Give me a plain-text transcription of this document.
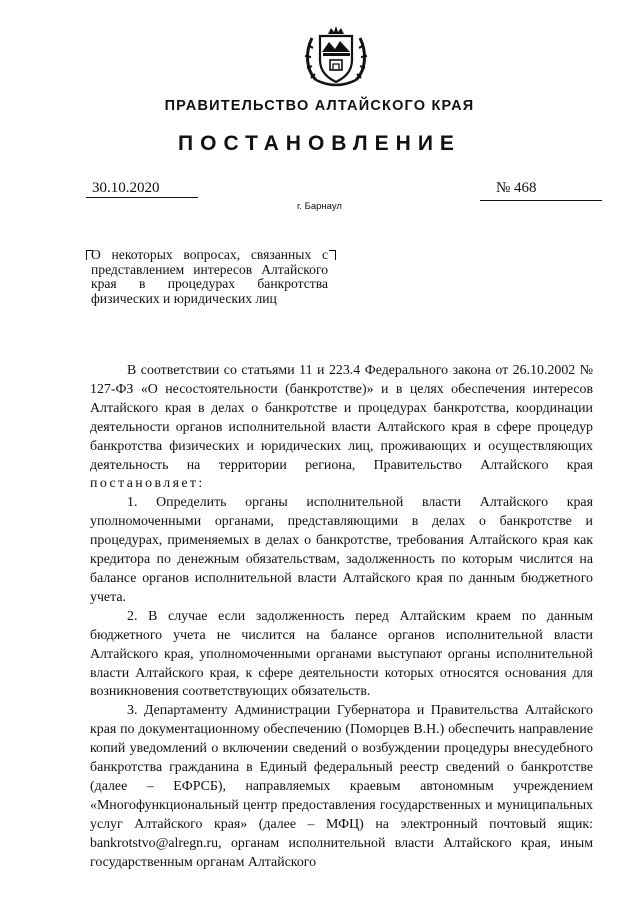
ПРАВИТЕЛЬСТВО АЛТАЙСКОГО КРАЯ
ПОСТАНОВЛЕНИЕ
30.10.2020
г. Барнаул
№ 468
О некоторых вопросах, связанных с представлением интересов Алтайского края в процедурах банкротства физических и юридических лиц

В соответствии со статьями 11 и 223.4 Федерального закона от 26.10.2002 № 127-ФЗ «О несостоятельности (банкротстве)» и в целях обеспечения интересов Алтайского края в делах о банкротстве и процедурах банкротства, координации деятельности органов исполнительной власти Алтайского края в сфере процедур банкротства физических и юридических лиц, проживающих и осуществляющих деятельность на территории региона, Правительство Алтайского края постановляет:

1. Определить органы исполнительной власти Алтайского края уполномоченными органами, представляющими в делах о банкротстве и процедурах, применяемых в делах о банкротстве, требования Алтайского края как кредитора по денежным обязательствам, задолженность по которым числится на балансе органов исполнительной власти Алтайского края по данным бюджетного учета.

2. В случае если задолженность перед Алтайским краем по данным бюджетного учета не числится на балансе органов исполнительной власти Алтайского края, уполномоченными органами выступают органы исполнительной власти Алтайского края, к сфере деятельности которых относятся основания для возникновения соответствующих обязательств.

3. Департаменту Администрации Губернатора и Правительства Алтайского края по документационному обеспечению (Поморцев В.Н.) обеспечить направление копий уведомлений о включении сведений о возбуждении процедуры внесудебного банкротства гражданина в Единый федеральный реестр сведений о банкротстве (далее – ЕФРСБ), направляемых краевым автономным учреждением «Многофункциональный центр предоставления государственных и муниципальных услуг Алтайского края» (далее – МФЦ) на электронный почтовый ящик: bankrotstvo@alregn.ru, органам исполнительной власти Алтайского края, иным государственным органам Алтайского
